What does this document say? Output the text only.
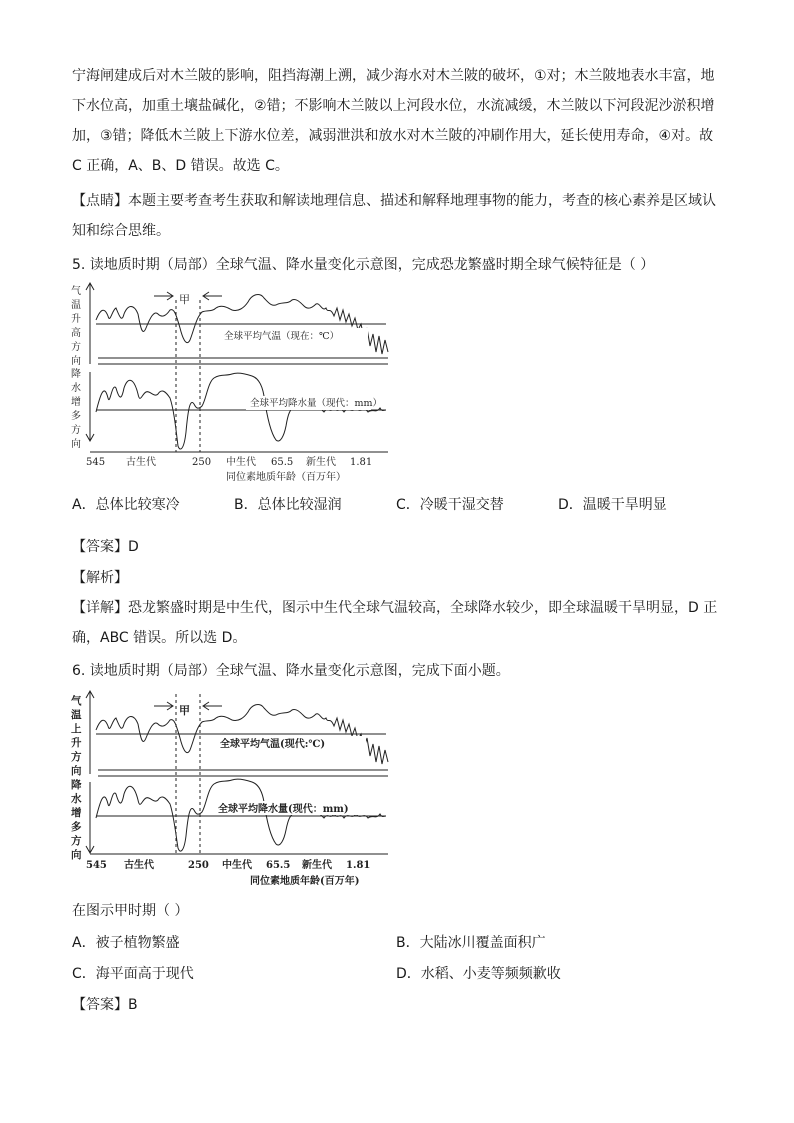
宁海闸建成后对木兰陂的影响，阻挡海潮上溯，减少海水对木兰陂的破坏，①对；木兰陂地表水丰富，地下水位高，加重土壤盐碱化，②错；不影响木兰陂以上河段水位，水流减缓，木兰陂以下河段泥沙淤积增加，③错；降低木兰陂上下游水位差，减弱泄洪和放水对木兰陂的冲刷作用大，延长使用寿命，④对。故 C 正确，A、B、D 错误。故选 C。

【点睛】本题主要考查考生获取和解读地理信息、描述和解释地理事物的能力，考查的核心素养是区域认知和综合思维。

5. 读地质时期（局部）全球气温、降水量变化示意图，完成恐龙繁盛时期全球气候特征是（ ）
气
温
升
高
方
向
降
水
增
多
方
向
甲
全球平均气温（现在：℃）
全球平均降水量（现代：mm）
545 古生代	250 中生代 65.5 新生代 1.81
同位素地质年龄（百万年）
A．总体比较寒冷	B．总体比较湿润	C．冷暖干湿交替	D．温暖干旱明显
【答案】D
【解析】

【详解】恐龙繁盛时期是中生代，图示中生代全球气温较高，全球降水较少，即全球温暖干旱明显，D 正确，ABC 错误。所以选 D。

6. 读地质时期（局部）全球气温、降水量变化示意图，完成下面小题。
气
温
上
升
方
向
降
水
增
多
方
向
甲
全球平均气温(现代:℃)
全球平均降水量(现代：mm)
545 古生代	250 中生代 65.5 新生代 1.81
同位素地质年龄(百万年)
在图示甲时期（ ）
A．被子植物繁盛	B．大陆冰川覆盖面积广
C．海平面高于现代	D．水稻、小麦等频频歉收
【答案】B
